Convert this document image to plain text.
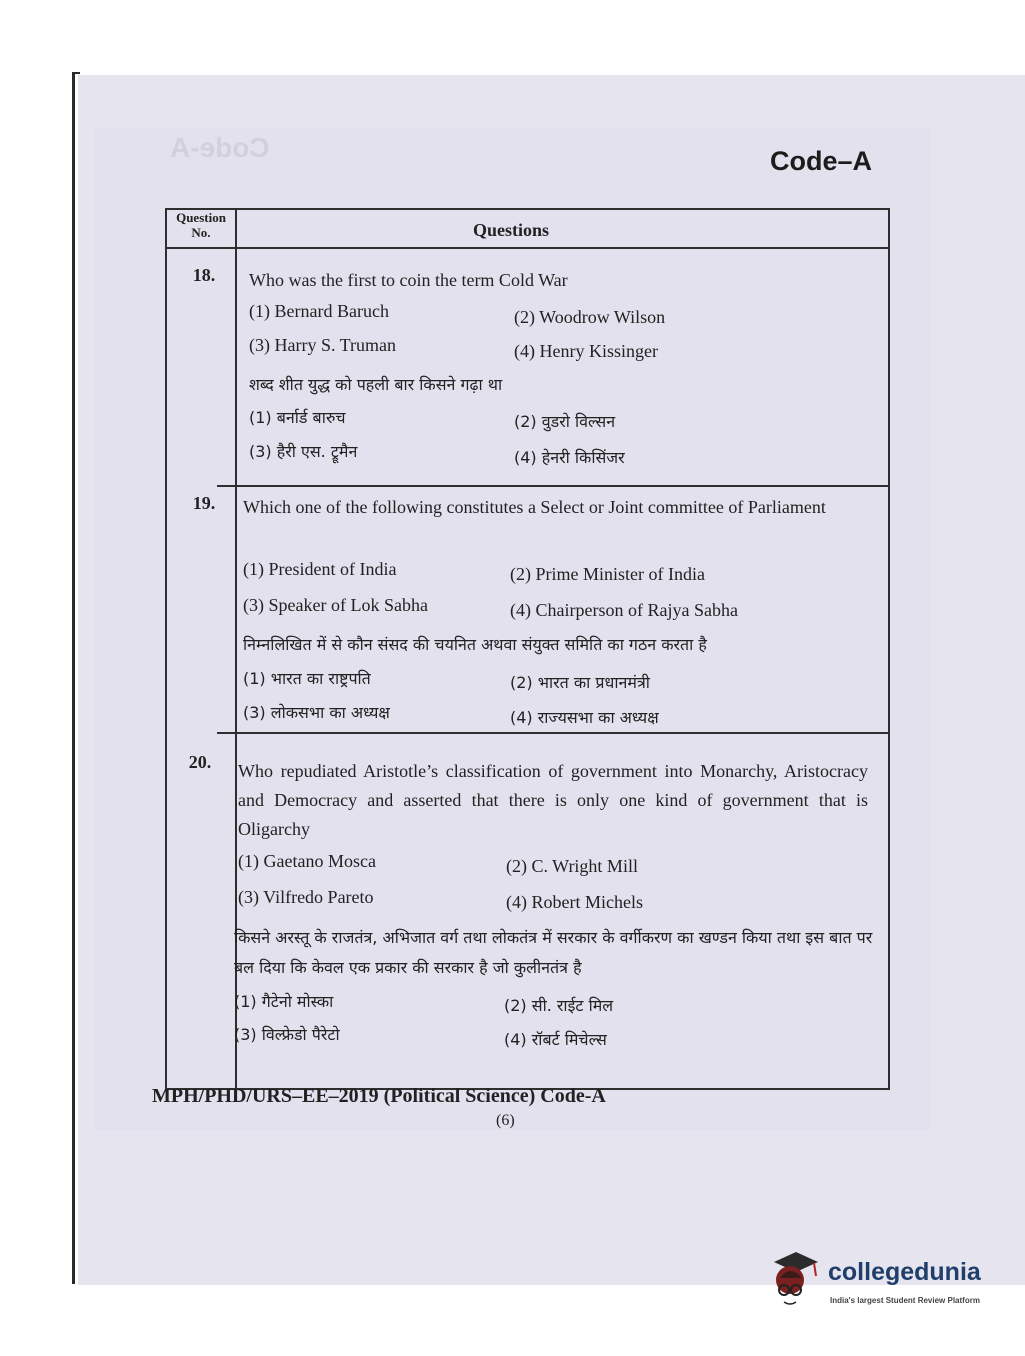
Code-A	Code–A
Question No.	Questions
18.	Who was the first to coin the term Cold War
(1) Bernard Baruch	(2) Woodrow Wilson
(3) Harry S. Truman	(4) Henry Kissinger
शब्द शीत युद्ध को पहली बार किसने गढ़ा था
(1) बर्नार्ड बारुच	(2) वुडरो विल्सन
(3) हैरी एस. ट्रूमैन	(4) हेनरी किसिंजर
19.	Which one of the following constitutes a Select or Joint committee of Parliament
(1) President of India	(2) Prime Minister of India
(3) Speaker of Lok Sabha	(4) Chairperson of Rajya Sabha
निम्नलिखित में से कौन संसद की चयनित अथवा संयुक्त समिति का गठन करता है
(1) भारत का राष्ट्रपति	(2) भारत का प्रधानमंत्री
(3) लोकसभा का अध्यक्ष	(4) राज्यसभा का अध्यक्ष
20.	Who repudiated Aristotle’s classification of government into Monarchy, Aristocracy and Democracy and asserted that there is only one kind of government that is Oligarchy
(1) Gaetano Mosca	(2) C. Wright Mill
(3) Vilfredo Pareto	(4) Robert Michels
किसने अरस्तू के राजतंत्र, अभिजात वर्ग तथा लोकतंत्र में सरकार के वर्गीकरण का खण्डन किया तथा इस बात पर बल दिया कि केवल एक प्रकार की सरकार है जो कुलीनतंत्र है
(1) गैटेनो मोस्का	(2) सी. राईट मिल
(3) विल्फ्रेडो पैरेटो	(4) रॉबर्ट मिचेल्स
MPH/PHD/URS–EE–2019 (Political Science) Code-A
(6)
collegedunia
India's largest Student Review Platform
